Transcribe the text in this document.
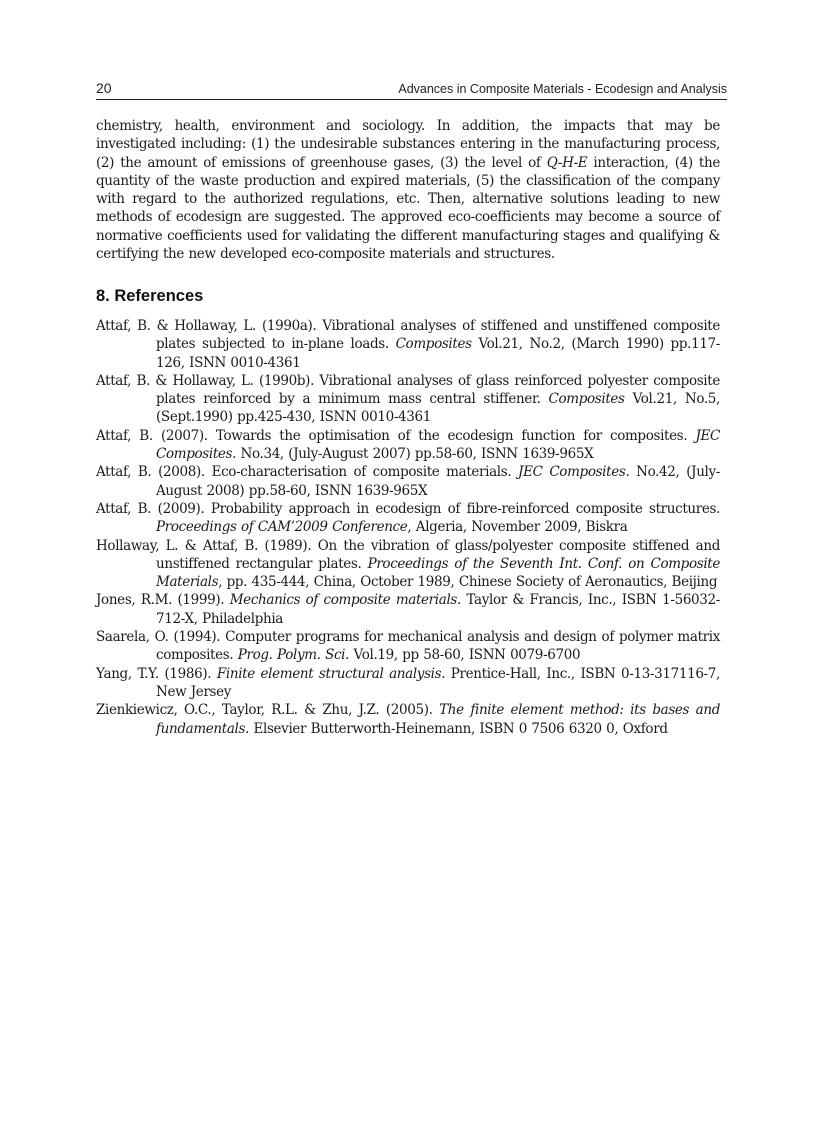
20	Advances in Composite Materials - Ecodesign and Analysis

chemistry, health, environment and sociology. In addition, the impacts that may be investigated including: (1) the undesirable substances entering in the manufacturing process, (2) the amount of emissions of greenhouse gases, (3) the level of Q-H-E interaction, (4) the quantity of the waste production and expired materials, (5) the classification of the company with regard to the authorized regulations, etc. Then, alternative solutions leading to new methods of ecodesign are suggested. The approved eco-coefficients may become a source of normative coefficients used for validating the different manufacturing stages and qualifying & certifying the new developed eco-composite materials and structures.

8. References
Attaf, B. & Hollaway, L. (1990a). Vibrational analyses of stiffened and unstiffened composite plates subjected to in-plane loads. Composites Vol.21, No.2, (March 1990) pp.117-126, ISNN 0010-4361
Attaf, B. & Hollaway, L. (1990b). Vibrational analyses of glass reinforced polyester composite plates reinforced by a minimum mass central stiffener. Composites Vol.21, No.5, (Sept.1990) pp.425-430, ISNN 0010-4361
Attaf, B. (2007). Towards the optimisation of the ecodesign function for composites. JEC Composites. No.34, (July-August 2007) pp.58-60, ISNN 1639-965X
Attaf, B. (2008). Eco-characterisation of composite materials. JEC Composites. No.42, (July-August 2008) pp.58-60, ISNN 1639-965X
Attaf, B. (2009). Probability approach in ecodesign of fibre-reinforced composite structures. Proceedings of CAM’2009 Conference, Algeria, November 2009, Biskra
Hollaway, L. & Attaf, B. (1989). On the vibration of glass/polyester composite stiffened and unstiffened rectangular plates. Proceedings of the Seventh Int. Conf. on Composite Materials, pp. 435-444, China, October 1989, Chinese Society of Aeronautics, Beijing
Jones, R.M. (1999). Mechanics of composite materials. Taylor & Francis, Inc., ISBN 1-56032-712-X, Philadelphia
Saarela, O. (1994). Computer programs for mechanical analysis and design of polymer matrix composites. Prog. Polym. Sci. Vol.19, pp 58-60, ISNN 0079-6700
Yang, T.Y. (1986). Finite element structural analysis. Prentice-Hall, Inc., ISBN 0-13-317116-7, New Jersey
Zienkiewicz, O.C., Taylor, R.L. & Zhu, J.Z. (2005). The finite element method: its bases and fundamentals. Elsevier Butterworth-Heinemann, ISBN 0 7506 6320 0, Oxford
